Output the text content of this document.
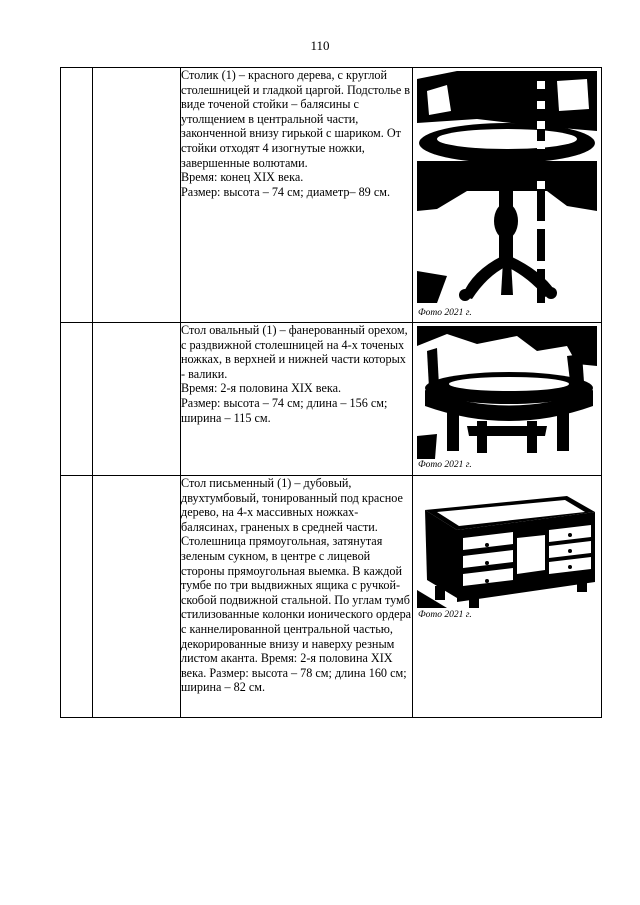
110

		Столик (1) – красного дерева, с круглой столешницей и гладкой царгой. Подстолье в виде точеной стойки – балясины с утолщением в центральной части, законченной внизу гирькой с шариком. От стойки отходят 4 изогнутые ножки, завершенные волютами.

Время: конец XIX века.

Размер: высота – 74 см; диаметр– 89 см.	Фото 2021 г.

		Стол овальный (1) – фанерованный орехом, с раздвижной столешницей на 4-х точеных ножках, в верхней и нижней части которых - валики.

Время: 2-я половина XIX века.

Размер: высота – 74 см; длина – 156 см; ширина – 115 см.	Фото 2021 г.

		Стол письменный (1) – дубовый, двухтумбовый, тонированный под красное дерево, на 4-х массивных ножках-балясинах, граненых в средней части. Столешница прямоугольная, затянутая зеленым сукном, в центре с лицевой стороны прямоугольная выемка. В каждой тумбе по три выдвижных ящика с ручкой-скобой подвижной стальной. По углам тумб стилизованные колонки ионического ордера с каннелированной центральной частью, декорированные внизу и наверху резным листом аканта. Время: 2-я половина XIX века. Размер: высота – 78 см; длина 160 см; ширина – 82 см.	Фото 2021 г.
